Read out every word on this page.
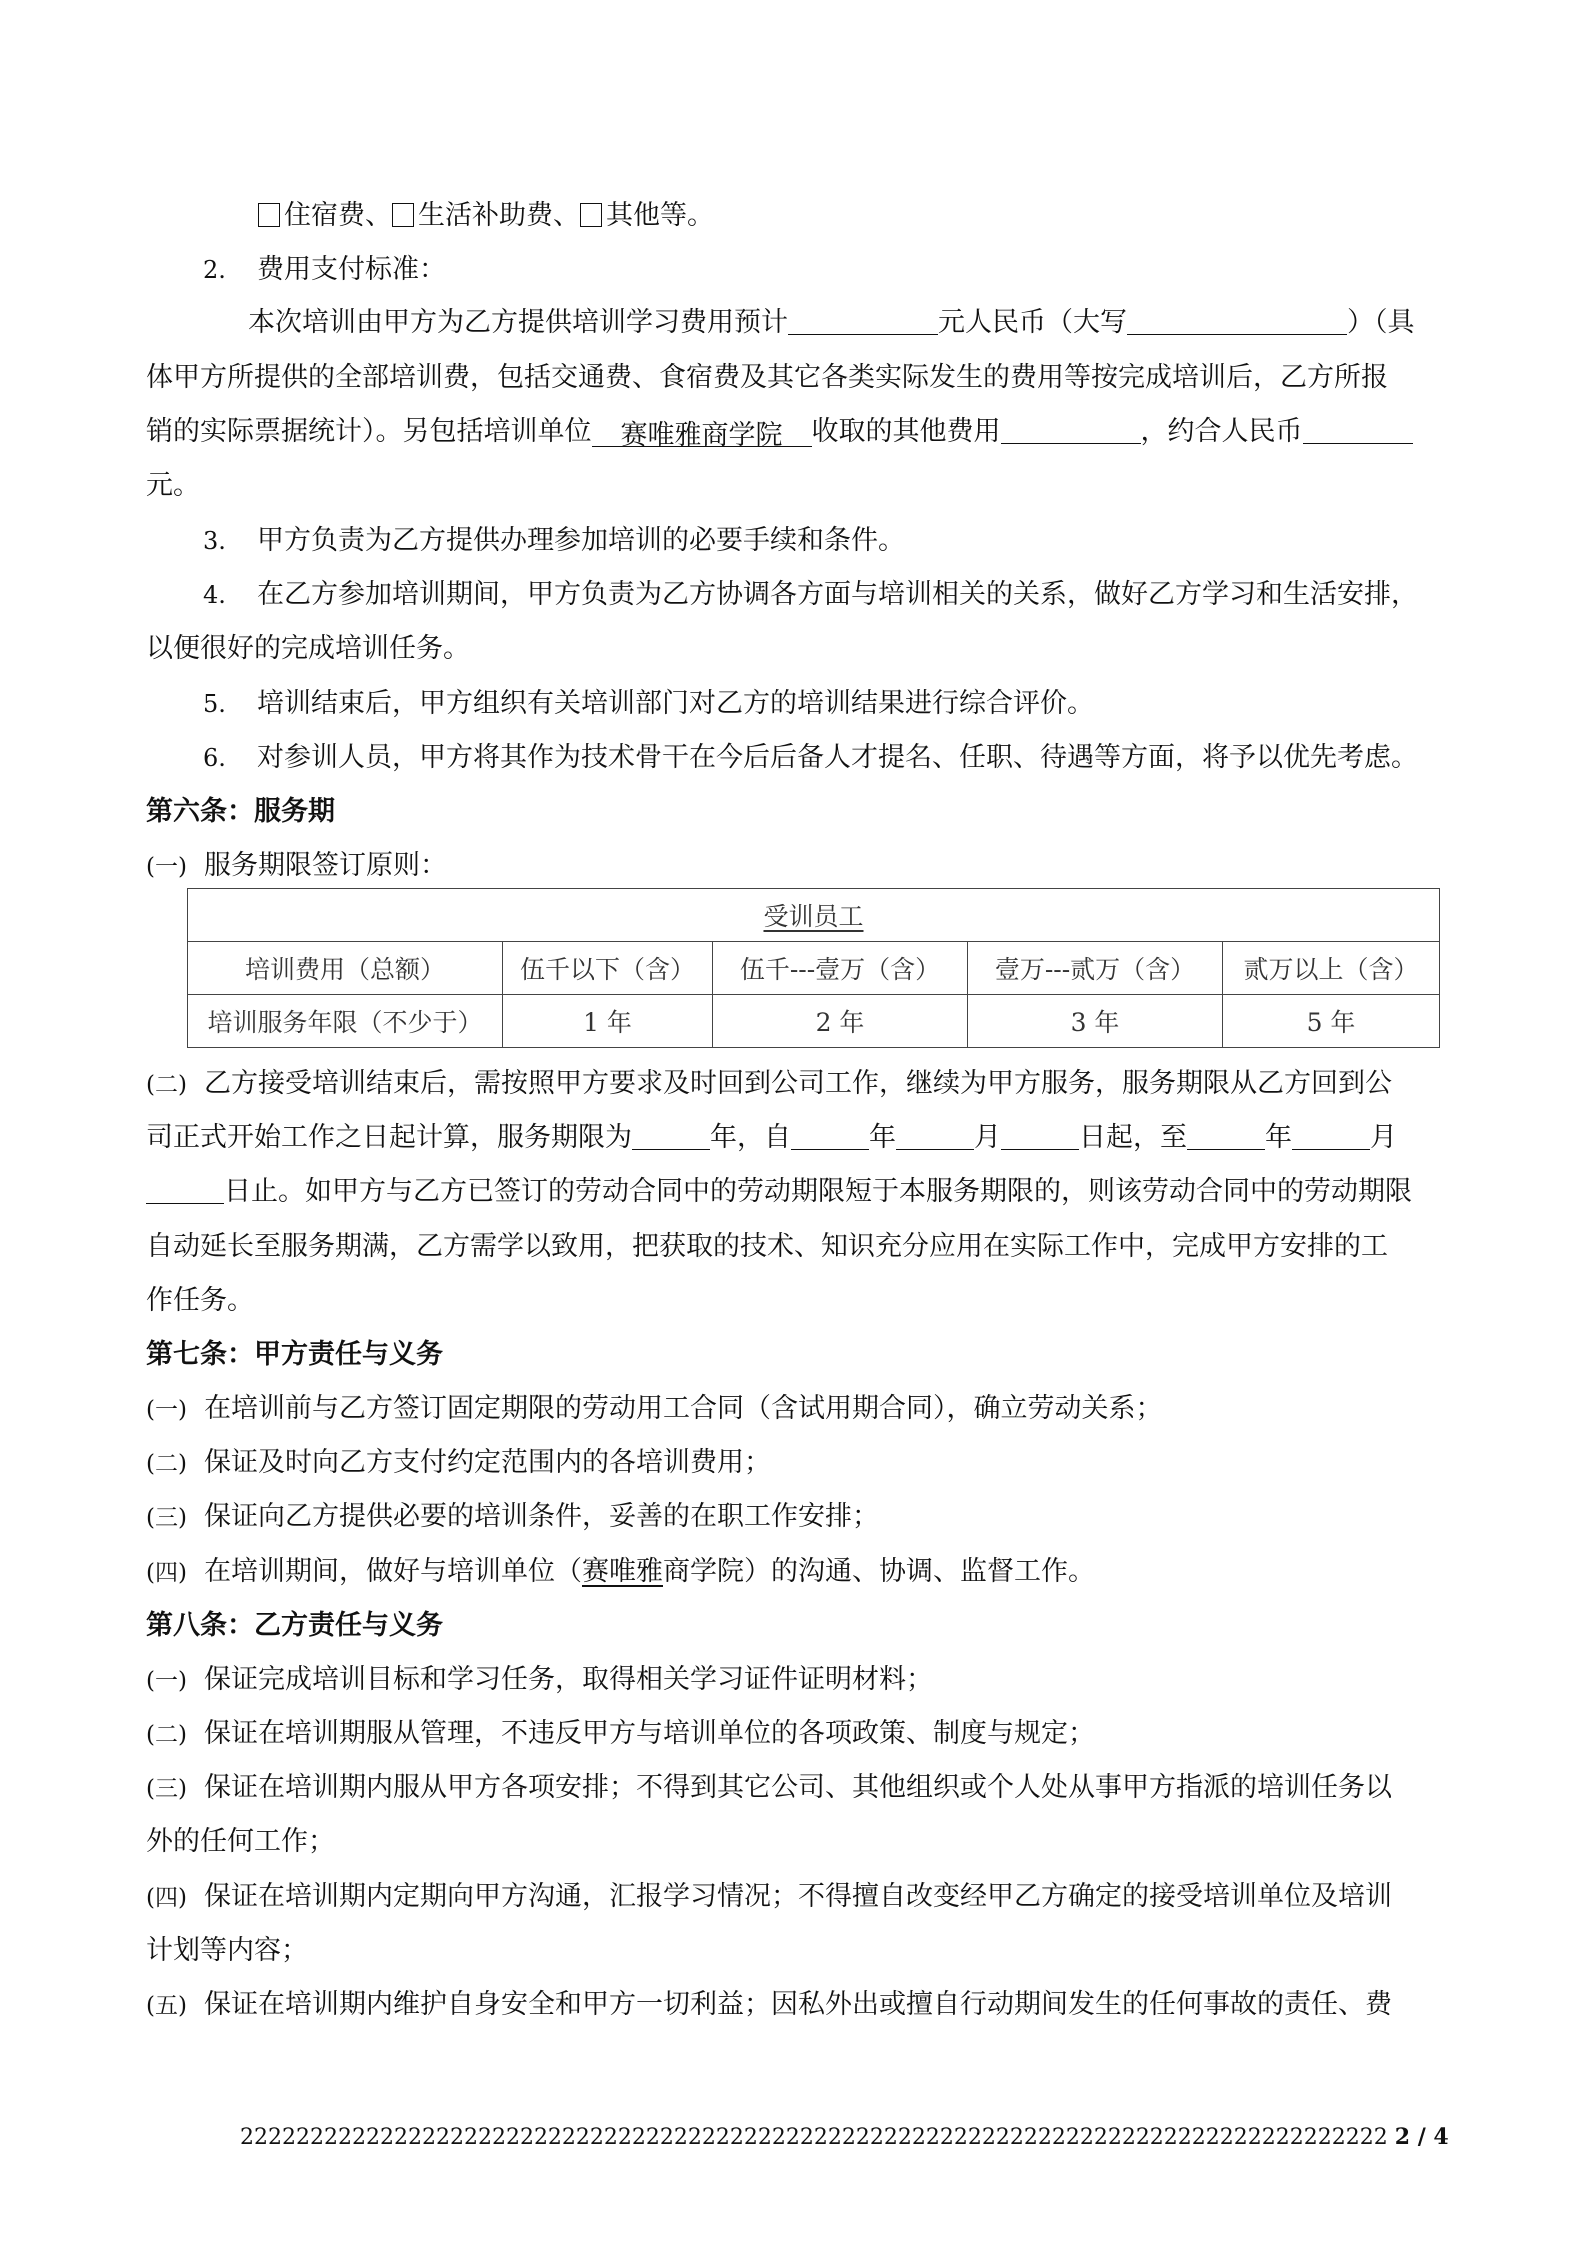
住宿费、 生活补助费、 其他等。
2. 费用支付标准：
本次培训由甲方为乙方提供培训学习费用预计	元人民币（大写	）（具
体甲方所提供的全部培训费，包括交通费、食宿费及其它各类实际发生的费用等按完成培训后，乙方所报
销的实际票据统计）。另包括培训单位 赛唯雅商学院 收取的其他费用	，约合人民币
元。
3. 甲方负责为乙方提供办理参加培训的必要手续和条件。
4. 在乙方参加培训期间，甲方负责为乙方协调各方面与培训相关的关系，做好乙方学习和生活安排，
以便很好的完成培训任务。
5. 培训结束后，甲方组织有关培训部门对乙方的培训结果进行综合评价。
6. 对参训人员，甲方将其作为技术骨干在今后后备人才提名、任职、待遇等方面，将予以优先考虑。
第六条：服务期
(一) 服务期限签订原则：
受训员工				
培训费用（总额）	伍千以下（含）	伍千---壹万（含）	壹万---贰万（含）	贰万以上（含）
培训服务年限（不少于）	1 年	2 年	3 年	5 年
(二) 乙方接受培训结束后，需按照甲方要求及时回到公司工作，继续为甲方服务，服务期限从乙方回到公
司正式开始工作之日起计算，服务期限为	年，自	年	月	日起，至	年	月
日止。如甲方与乙方已签订的劳动合同中的劳动期限短于本服务期限的，则该劳动合同中的劳动期限
自动延长至服务期满，乙方需学以致用，把获取的技术、知识充分应用在实际工作中，完成甲方安排的工
作任务。
第七条：甲方责任与义务
(一) 在培训前与乙方签订固定期限的劳动用工合同（含试用期合同），确立劳动关系；
(二) 保证及时向乙方支付约定范围内的各培训费用；
(三) 保证向乙方提供必要的培训条件，妥善的在职工作安排；
(四) 在培训期间，做好与培训单位（赛唯雅商学院）的沟通、协调、监督工作。
第八条：乙方责任与义务
(一) 保证完成培训目标和学习任务，取得相关学习证件证明材料；
(二) 保证在培训期服从管理，不违反甲方与培训单位的各项政策、制度与规定；
(三) 保证在培训期内服从甲方各项安排；不得到其它公司、其他组织或个人处从事甲方指派的培训任务以
外的任何工作；
(四) 保证在培训期内定期向甲方沟通，汇报学习情况；不得擅自改变经甲乙方确定的接受培训单位及培训
计划等内容；
(五) 保证在培训期内维护自身安全和甲方一切利益；因私外出或擅自行动期间发生的任何事故的责任、费
2222222222222222222222222222222222222222222222222222222222222222222222222222222222 2 / 4
